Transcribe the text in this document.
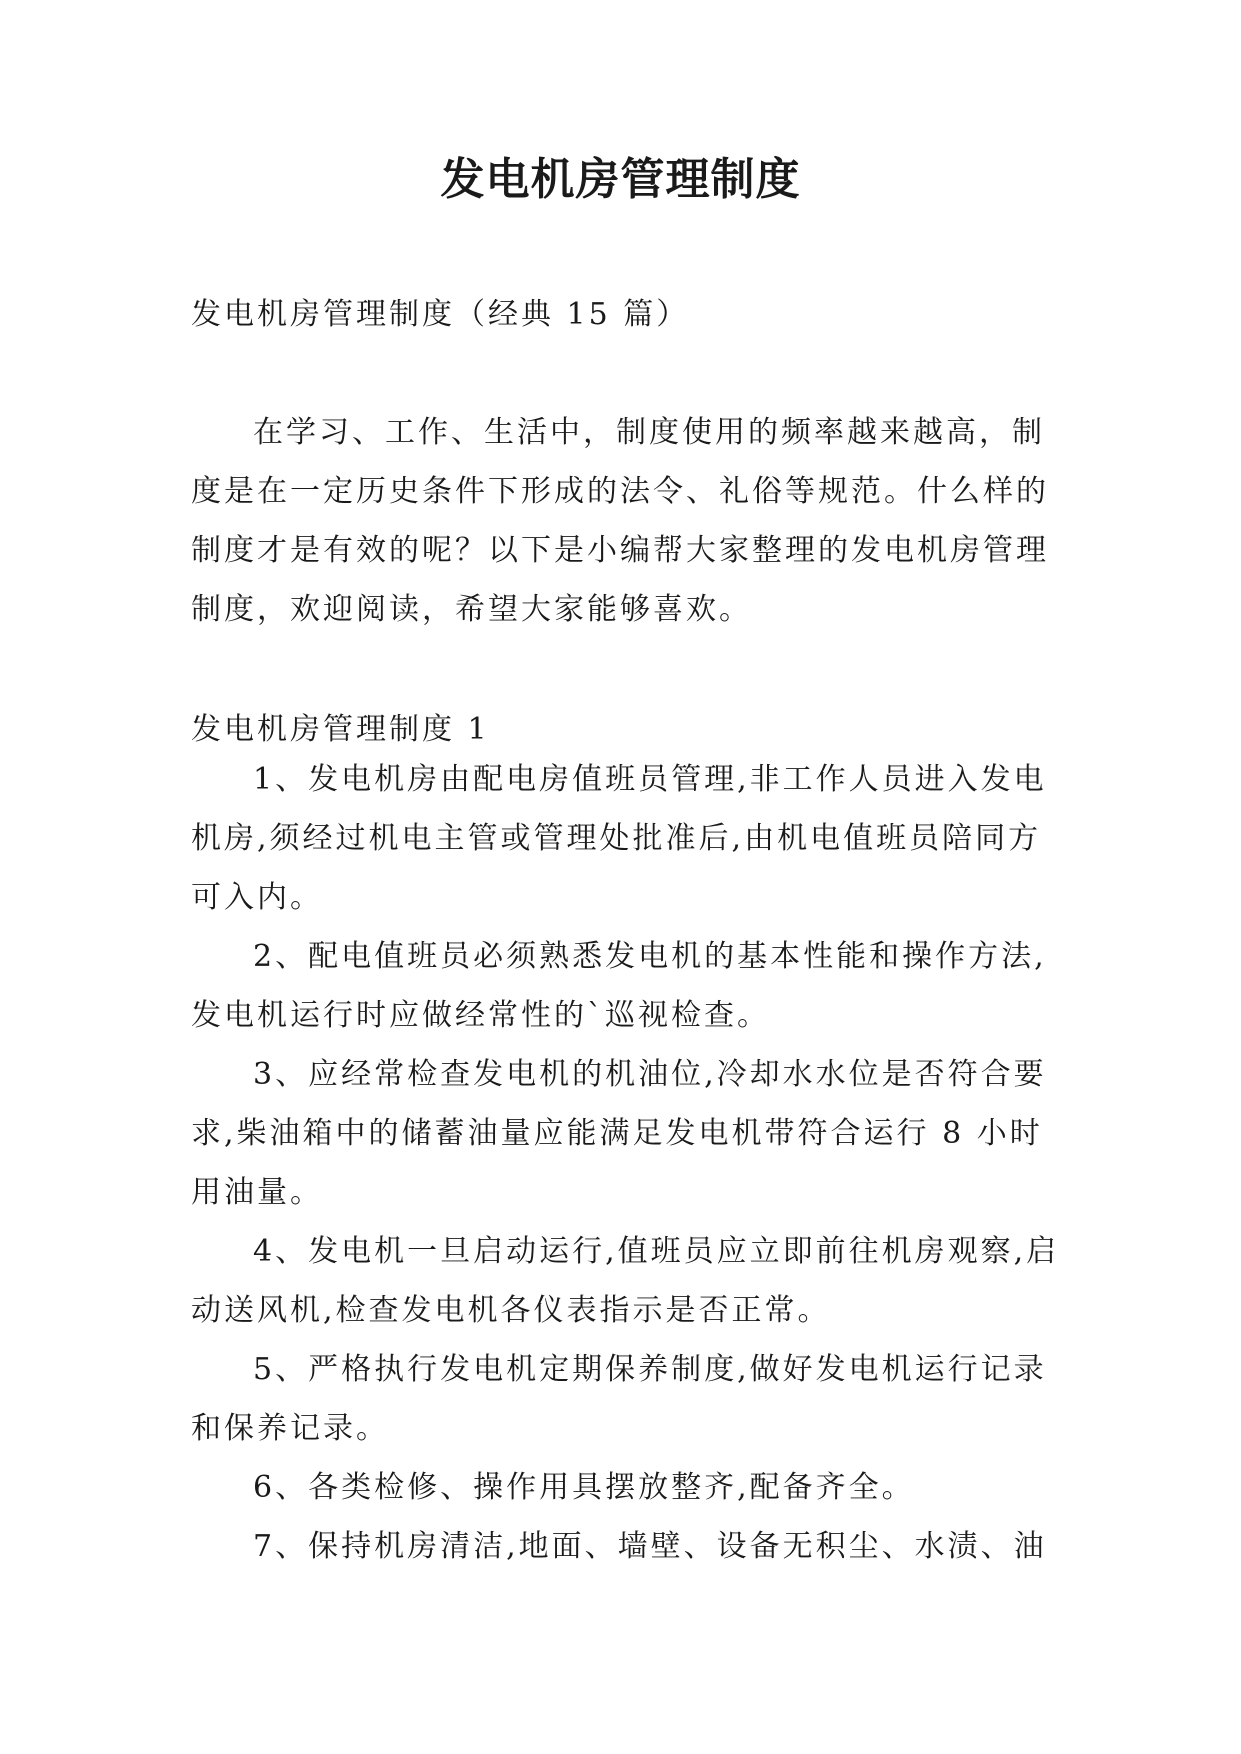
发电机房管理制度
发电机房管理制度（经典 15 篇）
在学习、工作、生活中，制度使用的频率越来越高，制度是在一定历史条件下形成的法令、礼俗等规范。什么样的制度才是有效的呢？以下是小编帮大家整理的发电机房管理制度，欢迎阅读，希望大家能够喜欢。
发电机房管理制度 1

1、发电机房由配电房值班员管理,非工作人员进入发电机房,须经过机电主管或管理处批准后,由机电值班员陪同方可入内。

2、配电值班员必须熟悉发电机的基本性能和操作方法,发电机运行时应做经常性的`巡视检查。

3、应经常检查发电机的机油位,冷却水水位是否符合要求,柴油箱中的储蓄油量应能满足发电机带符合运行 8 小时用油量。

4、发电机一旦启动运行,值班员应立即前往机房观察,启动送风机,检查发电机各仪表指示是否正常。

5、严格执行发电机定期保养制度,做好发电机运行记录和保养记录。

6、各类检修、操作用具摆放整齐,配备齐全。

7、保持机房清洁,地面、墙壁、设备无积尘、水渍、油
